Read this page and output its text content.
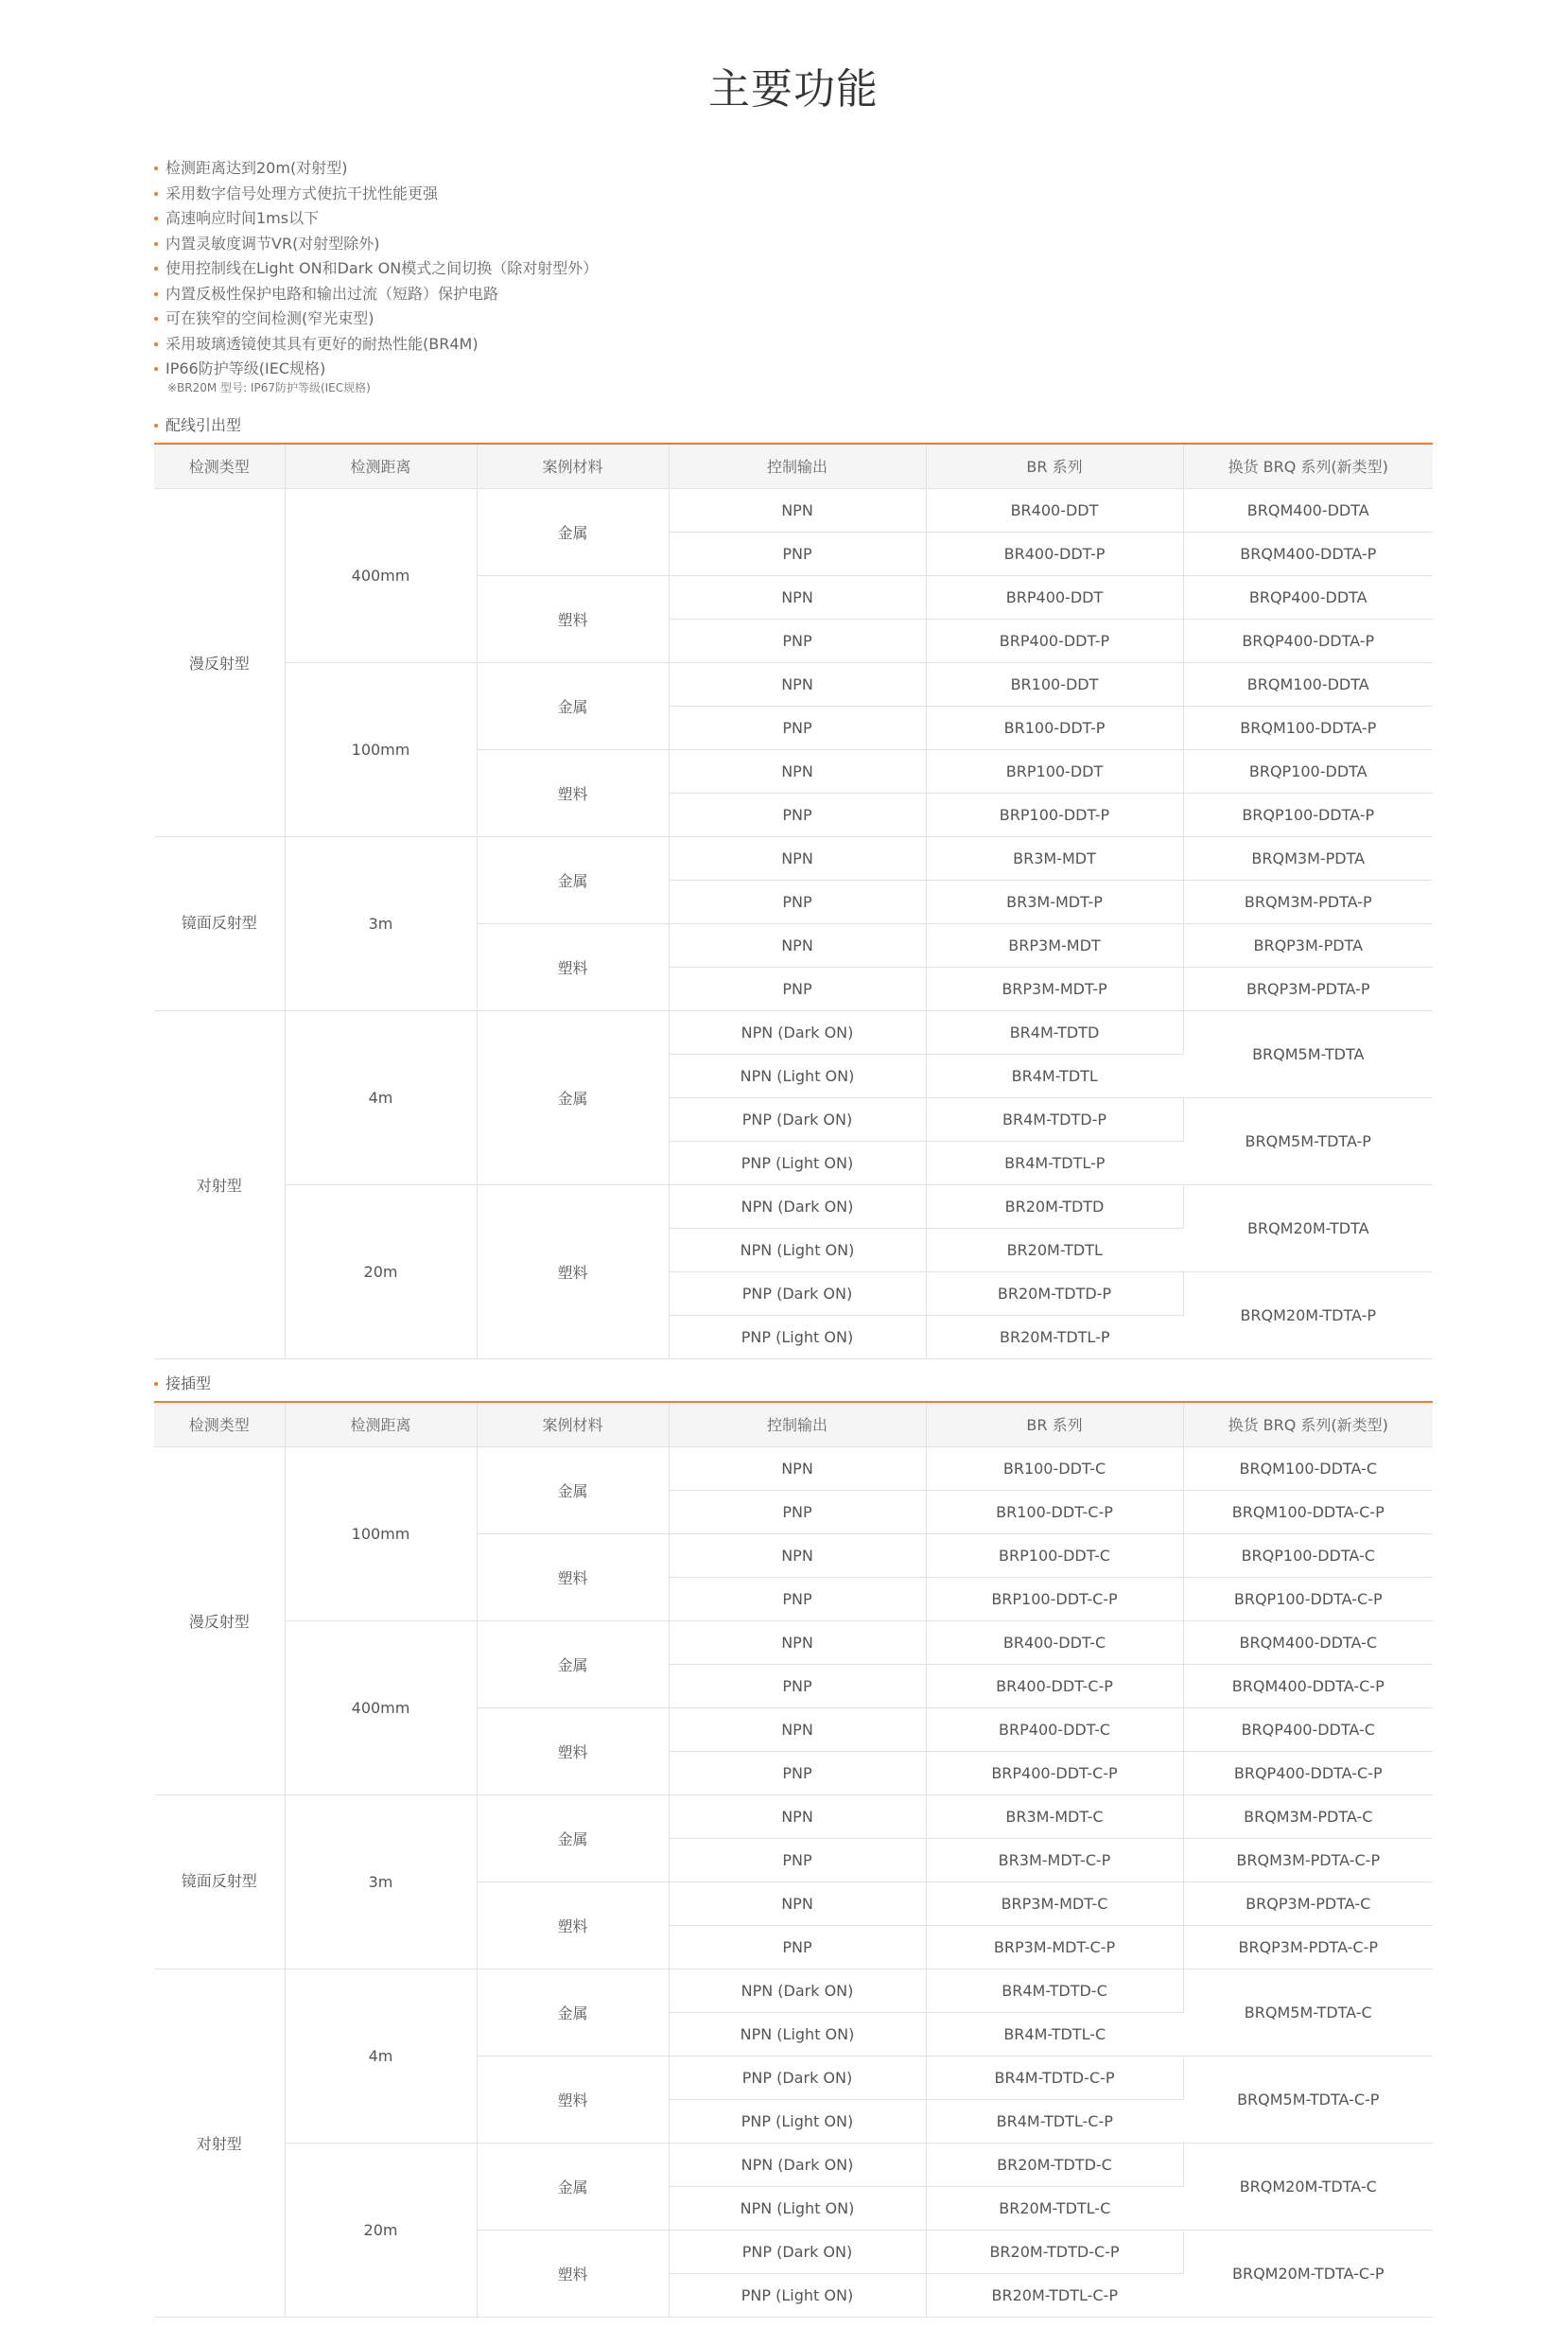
主要功能
检测距离达到20m(对射型)
采用数字信号处理方式使抗干扰性能更强
高速响应时间1ms以下
内置灵敏度调节VR(对射型除外)
使用控制线在Light ON和Dark ON模式之间切换（除对射型外）
内置反极性保护电路和输出过流（短路）保护电路
可在狭窄的空间检测(窄光束型)
采用玻璃透镜使其具有更好的耐热性能(BR4M)
IP66防护等级(IEC规格)
※BR20M 型号: IP67防护等级(IEC规格)
配线引出型
检测类型	检测距离	案例材料	控制输出	BR 系列	换货 BRQ 系列(新类型)
漫反射型	400mm	金属	NPN	BR400-DDT	BRQM400-DDTA
			PNP	BR400-DDT-P	BRQM400-DDTA-P
		塑料	NPN	BRP400-DDT	BRQP400-DDTA
			PNP	BRP400-DDT-P	BRQP400-DDTA-P
	100mm	金属	NPN	BR100-DDT	BRQM100-DDTA
			PNP	BR100-DDT-P	BRQM100-DDTA-P
		塑料	NPN	BRP100-DDT	BRQP100-DDTA
			PNP	BRP100-DDT-P	BRQP100-DDTA-P
镜面反射型	3m	金属	NPN	BR3M-MDT	BRQM3M-PDTA
			PNP	BR3M-MDT-P	BRQM3M-PDTA-P
		塑料	NPN	BRP3M-MDT	BRQP3M-PDTA
			PNP	BRP3M-MDT-P	BRQP3M-PDTA-P
对射型	4m	金属	NPN (Dark ON)	BR4M-TDTD	BRQM5M-TDTA
			NPN (Light ON)	BR4M-TDTL	
			PNP (Dark ON)	BR4M-TDTD-P	BRQM5M-TDTA-P
			PNP (Light ON)	BR4M-TDTL-P	
	20m	塑料	NPN (Dark ON)	BR20M-TDTD	BRQM20M-TDTA
			NPN (Light ON)	BR20M-TDTL	
			PNP (Dark ON)	BR20M-TDTD-P	BRQM20M-TDTA-P
			PNP (Light ON)	BR20M-TDTL-P	
接插型
检测类型	检测距离	案例材料	控制输出	BR 系列	换货 BRQ 系列(新类型)
漫反射型	100mm	金属	NPN	BR100-DDT-C	BRQM100-DDTA-C
			PNP	BR100-DDT-C-P	BRQM100-DDTA-C-P
		塑料	NPN	BRP100-DDT-C	BRQP100-DDTA-C
			PNP	BRP100-DDT-C-P	BRQP100-DDTA-C-P
	400mm	金属	NPN	BR400-DDT-C	BRQM400-DDTA-C
			PNP	BR400-DDT-C-P	BRQM400-DDTA-C-P
		塑料	NPN	BRP400-DDT-C	BRQP400-DDTA-C
			PNP	BRP400-DDT-C-P	BRQP400-DDTA-C-P
镜面反射型	3m	金属	NPN	BR3M-MDT-C	BRQM3M-PDTA-C
			PNP	BR3M-MDT-C-P	BRQM3M-PDTA-C-P
		塑料	NPN	BRP3M-MDT-C	BRQP3M-PDTA-C
			PNP	BRP3M-MDT-C-P	BRQP3M-PDTA-C-P
对射型	4m	金属	NPN (Dark ON)	BR4M-TDTD-C	BRQM5M-TDTA-C
			NPN (Light ON)	BR4M-TDTL-C	
		塑料	PNP (Dark ON)	BR4M-TDTD-C-P	BRQM5M-TDTA-C-P
			PNP (Light ON)	BR4M-TDTL-C-P	
	20m	金属	NPN (Dark ON)	BR20M-TDTD-C	BRQM20M-TDTA-C
			NPN (Light ON)	BR20M-TDTL-C	
		塑料	PNP (Dark ON)	BR20M-TDTD-C-P	BRQM20M-TDTA-C-P
			PNP (Light ON)	BR20M-TDTL-C-P	
